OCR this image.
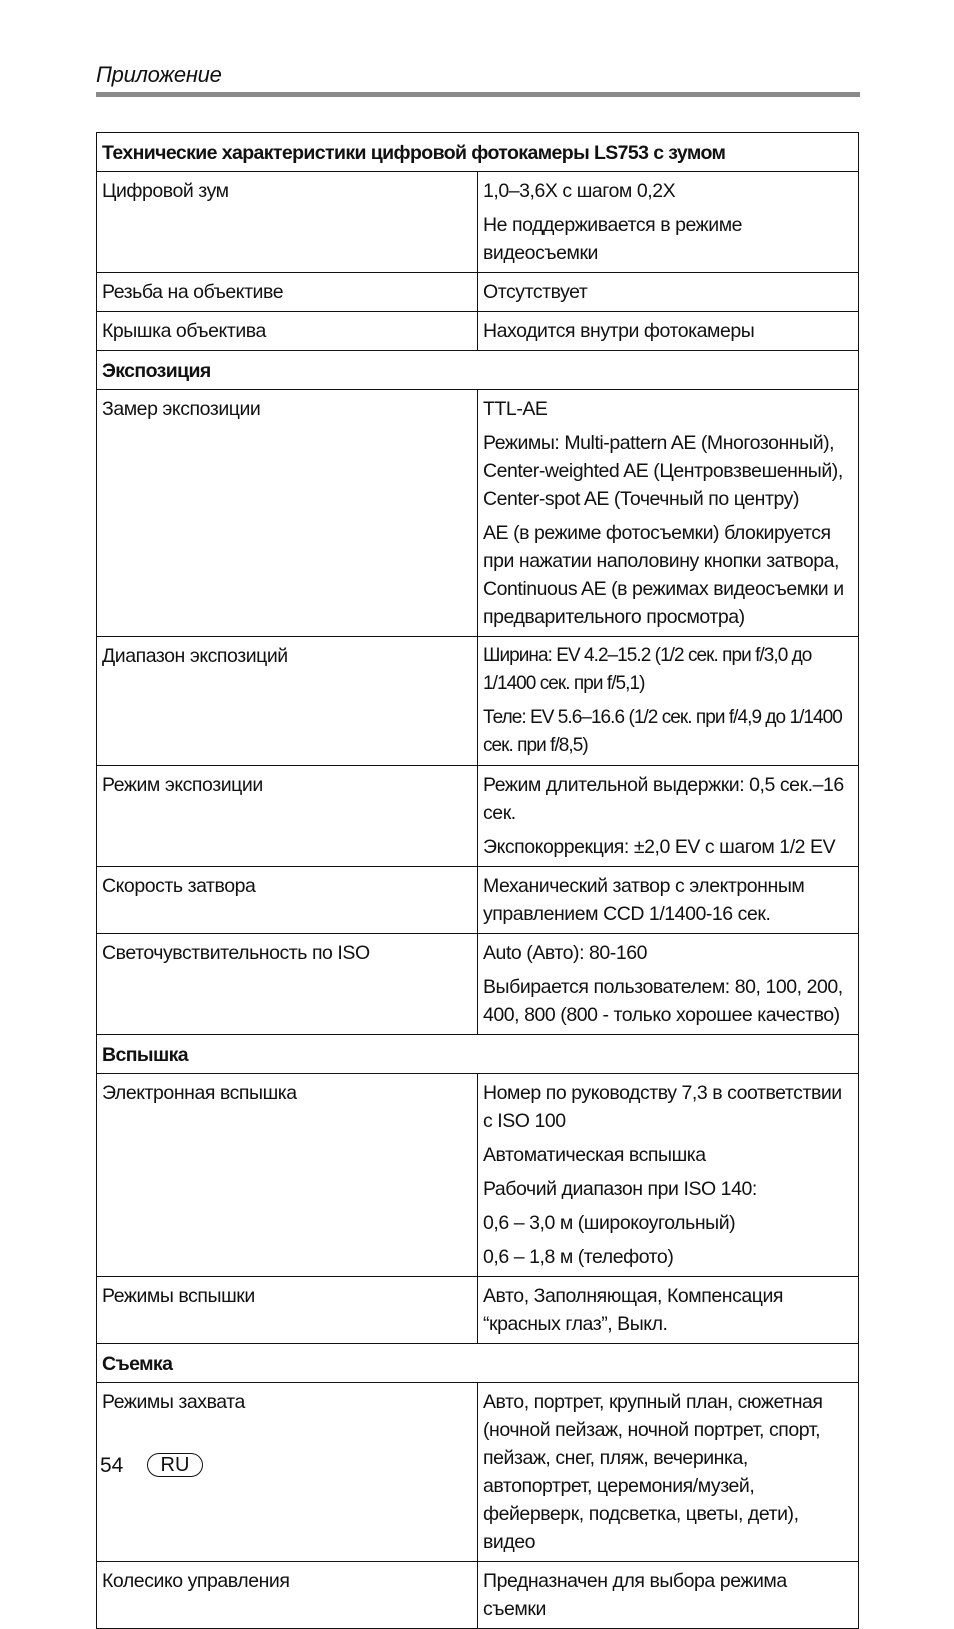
Приложение
Технические характеристики цифровой фотокамеры LS753 с зумом	
Цифровой зум	1,0–3,6X с шагом 0,2X
Не поддерживается в режиме видеосъемки

Резьба на объективе	Отсутствует

Крышка объектива	Находится внутри фотокамеры

Экспозиция	
Замер экспозиции	TTL-AE
Режимы: Multi-pattern AE (Многозонный), Center-weighted AE (Центровзвешенный), Center-spot AE (Точечный по центру)
AE (в режиме фотосъемки) блокируется при нажатии наполовину кнопки затвора, Continuous AE (в режимах видеосъемки и предварительного просмотра)

Диапазон экспозиций	Ширина: EV 4.2–15.2 (1/2 сек. при f/3,0 до 1/1400 сек. при f/5,1)
Теле: EV 5.6–16.6 (1/2 сек. при f/4,9 до 1/1400 сек. при f/8,5)

Режим экспозиции	Режим длительной выдержки: 0,5 сек.–16 сек.
Экспокоррекция: ±2,0 EV с шагом 1/2 EV

Скорость затвора	Механический затвор с электронным управлением CCD 1/1400-16 сек.

Светочувствительность по ISO	Auto (Авто): 80-160
Выбирается пользователем: 80, 100, 200, 400, 800 (800 - только хорошее качество)

Вспышка	
Электронная вспышка	Номер по руководству 7,3 в соответствии с ISO 100
Автоматическая вспышка
Рабочий диапазон при ISO 140:
0,6 – 3,0 м (широкоугольный)
0,6 – 1,8 м (телефото)

Режимы вспышки	Авто, Заполняющая, Компенсация “красных глаз”, Выкл.

Съемка	
Режимы захвата	Авто, портрет, крупный план, сюжетная (ночной пейзаж, ночной портрет, спорт, пейзаж, снег, пляж, вечеринка, автопортрет, церемония/музей, фейерверк, подсветка, цветы, дети), видео

Колесико управления	Предназначен для выбора режима съемки
54	RU
